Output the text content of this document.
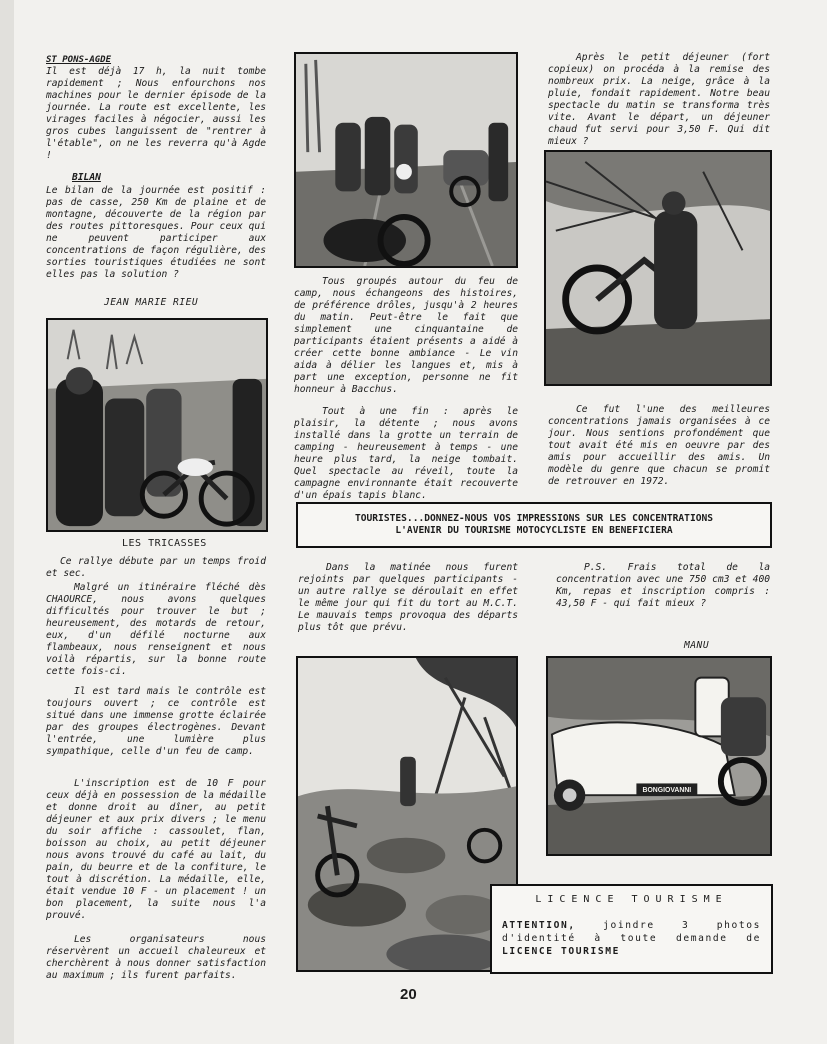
ST PONS-AGDE

Il est déjà 17 h, la nuit tombe rapidement ; Nous enfourchons nos machines pour le dernier épisode de la journée. La route est excellente, les virages faciles à négocier, aussi les gros cubes languissent de "rentrer à l'étable", on ne les reverra qu'à Agde !

BILAN

Le bilan de la journée est positif : pas de casse, 250 Km de plaine et de montagne, découverte de la région par des routes pittoresques. Pour ceux qui ne peuvent participer aux concentrations de façon régulière, des sorties touristiques étudiées ne sont elles pas la solution ?

JEAN MARIE RIEU

LES TRICASSES

Ce rallye débute par un temps froid et sec.

Malgré un itinéraire fléché dès CHAOURCE, nous avons quelques difficultés pour trouver le but ; heureusement, des motards de retour, eux, d'un défilé nocturne aux flambeaux, nous renseignent et nous voilà répartis, sur la bonne route cette fois-ci.

Il est tard mais le contrôle est toujours ouvert ; ce contrôle est situé dans une immense grotte éclairée par des groupes électrogènes. Devant l'entrée, une lumière plus sympathique, celle d'un feu de camp.

L'inscription est de 10 F pour ceux déjà en possession de la médaille et donne droit au dîner, au petit déjeuner et aux prix divers ; le menu du soir affiche : cassoulet, flan, boisson au choix, au petit déjeuner nous avons trouvé du café au lait, du pain, du beurre et de la confiture, le tout à discrétion. La médaille, elle, était vendue 10 F - un placement ! un bon placement, la suite nous l'a prouvé.

Les organisateurs nous réservèrent un accueil chaleureux et cherchèrent à nous donner satisfaction au maximum ; ils furent parfaits.

Tous groupés autour du feu de camp, nous échangeons des histoires, de préférence drôles, jusqu'à 2 heures du matin. Peut-être le fait que simplement une cinquantaine de participants étaient présents a aidé à créer cette bonne ambiance - Le vin aida à délier les langues et, mis à part une exception, personne ne fit honneur à Bacchus.

Tout à une fin : après le plaisir, la détente ; nous avons installé dans la grotte un terrain de camping - heureusement à temps - une heure plus tard, la neige tombait. Quel spectacle au réveil, toute la campagne environnante était recouverte d'un épais tapis blanc.

TOURISTES...DONNEZ-NOUS VOS IMPRESSIONS SUR LES CONCENTRATIONS
L'AVENIR DU TOURISME MOTOCYCLISTE EN BENEFICIERA

Dans la matinée nous furent rejoints par quelques participants - un autre rallye se déroulait en effet le même jour qui fit du tort au M.C.T. Le mauvais temps provoqua des départs plus tôt que prévu.

Après le petit déjeuner (fort copieux) on procéda à la remise des nombreux prix. La neige, grâce à la pluie, fondait rapidement. Notre beau spectacle du matin se transforma très vite. Avant le départ, un déjeuner chaud fut servi pour 3,50 F. Qui dit mieux ?

Ce fut l'une des meilleures concentrations jamais organisées à ce jour. Nous sentions profondément que tout avait été mis en oeuvre par des amis pour accueillir des amis. Un modèle du genre que chacun se promit de retrouver en 1972.

P.S. Frais total de la concentration avec une 750 cm3 et 400 Km, repas et inscription compris : 43,50 F - qui fait mieux ?

MANU

BONGIOVANNI

LICENCE TOURISME

ATTENTION,	joindre 3 photos d'identité à toute demande de LICENCE TOURISME

20
